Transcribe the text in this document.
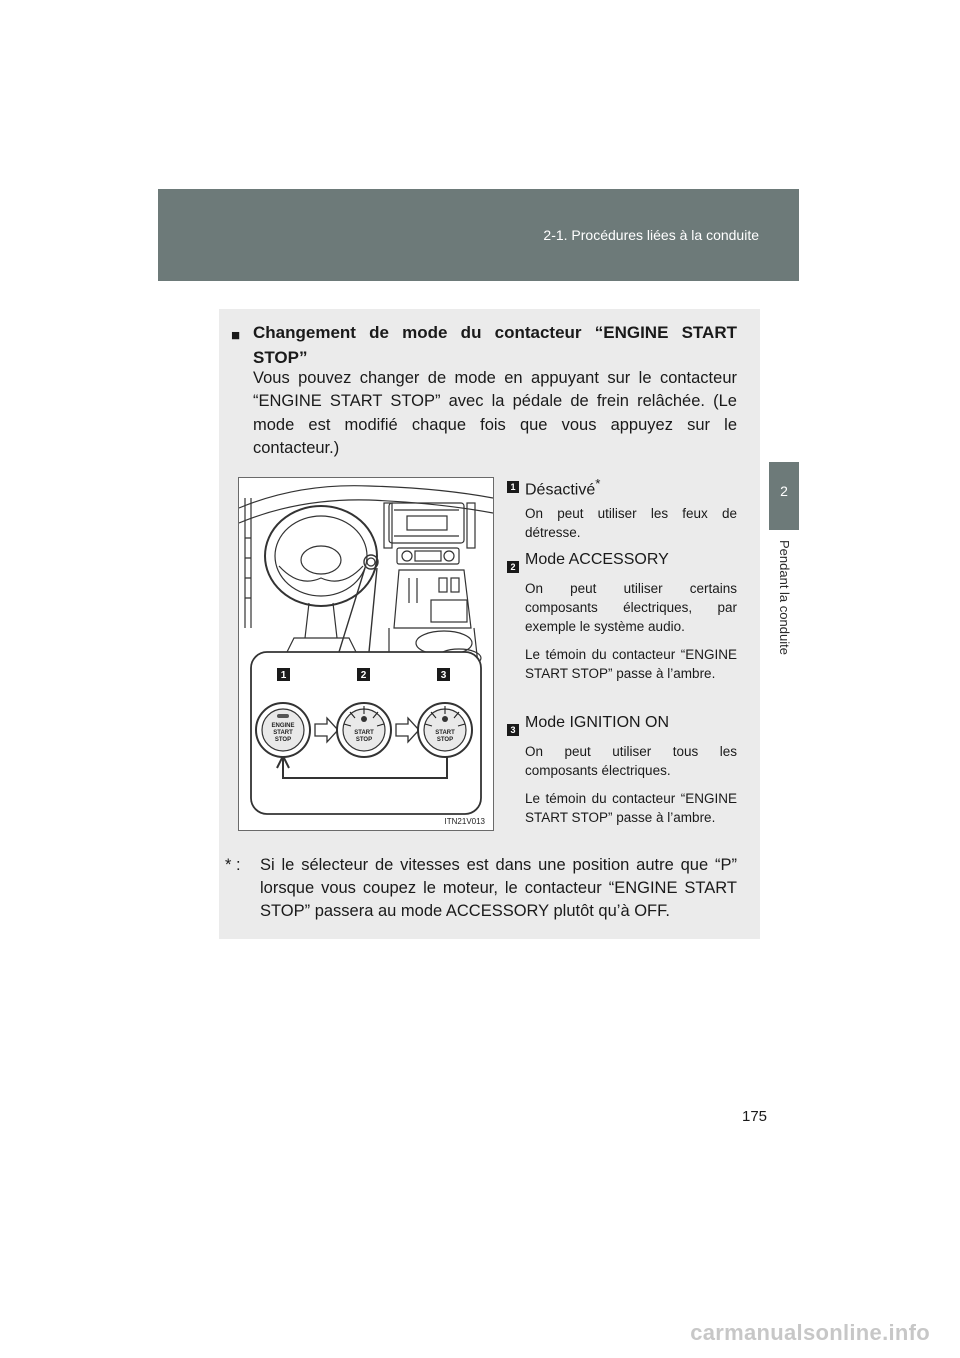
2-1. Procédures liées à la conduite
2
Pendant la conduite
■ Changement de mode du contacteur “ENGINE START STOP”
Vous pouvez changer de mode en appuyant sur le contacteur “ENGINE START STOP” avec la pédale de frein relâchée. (Le mode est modifié chaque fois que vous appuyez sur le contacteur.)
1	2	3
ENGINE
START
STOP
START
STOP
START
STOP
ITN21V013
1 Désactivé*
On peut utiliser les feux de détresse.
2 Mode ACCESSORY
On peut utiliser certains composants électriques, par exemple le système audio.
Le témoin du contacteur “ENGINE START STOP” passe à l’ambre.
3 Mode IGNITION ON
On peut utiliser tous les composants électriques.
Le témoin du contacteur “ENGINE START STOP” passe à l’ambre.
* : Si le sélecteur de vitesses est dans une position autre que “P” lorsque vous coupez le moteur, le contacteur “ENGINE START STOP” passera au mode ACCESSORY plutôt qu’à OFF.
175
carmanualsonline.info
